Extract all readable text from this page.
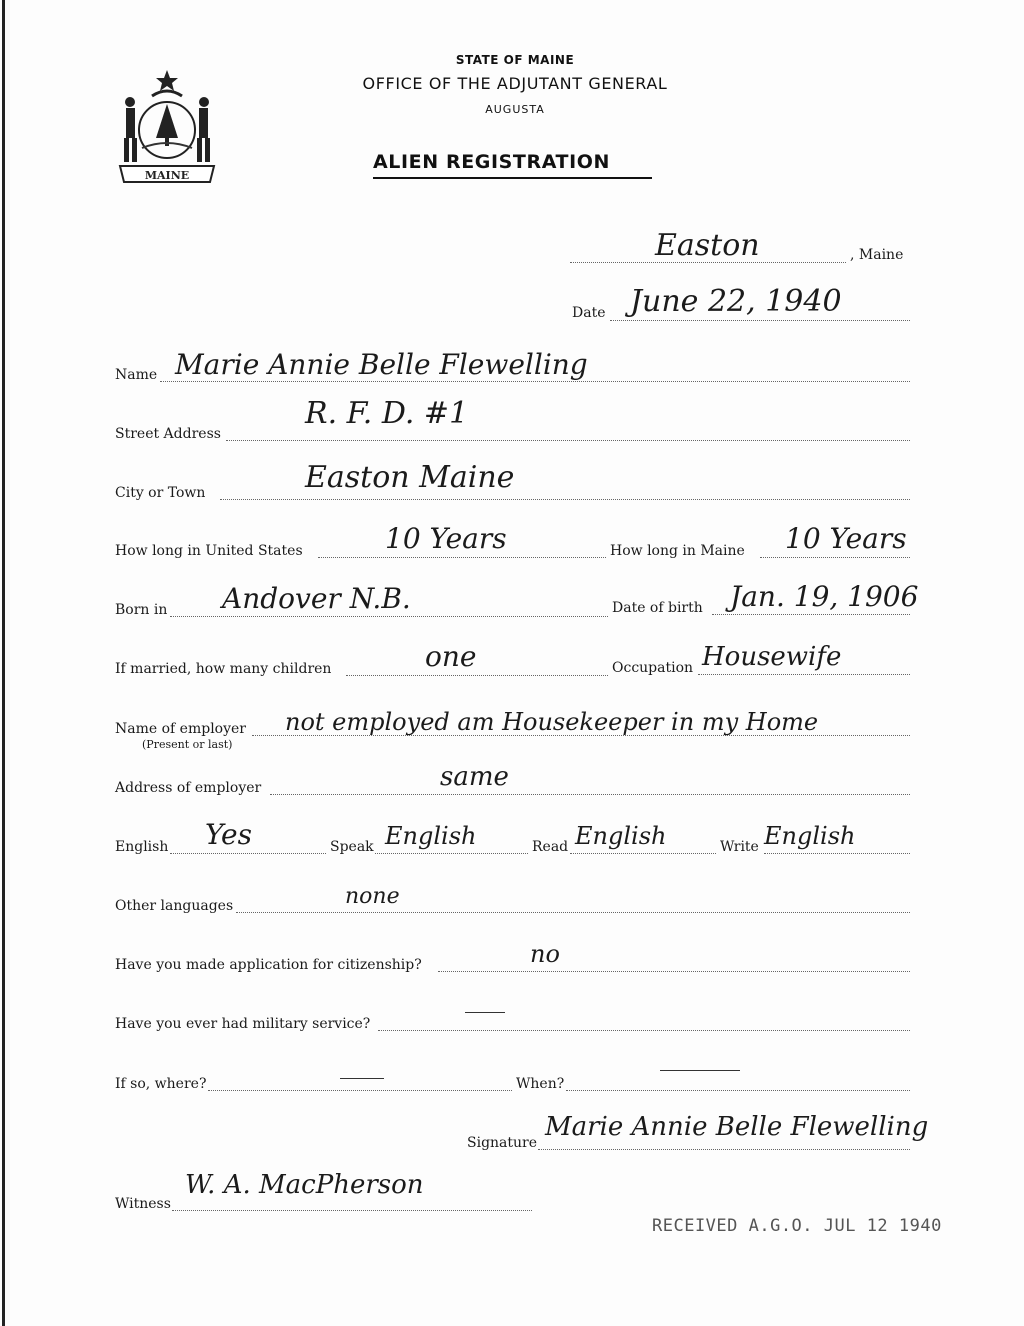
MAINE
STATE OF MAINE
OFFICE OF THE ADJUTANT GENERAL
AUGUSTA
ALIEN REGISTRATION
Easton	, Maine
Date June 22, 1940
Name Marie Annie Belle Flewelling
Street Address
R. F. D. #1
City or Town	Easton Maine
How long in United States	10 Years	How long in Maine 10 Years
Born in Andover N.B.	Date of birth Jan. 19, 1906
If married, how many children	one	Occupation Housewife
Name of employer
(Present or last)
not employed am Housekeeper in my Home
Address of employer	same
English Yes	Speak English	Read English	Write English
Other languages	none
Have you made application for citizenship?	no
Have you ever had military service?
If so, where?	When?
Signature
Marie Annie Belle Flewelling
Witness
W. A. MacPherson
RECEIVED A.G.O. JUL 12 1940
